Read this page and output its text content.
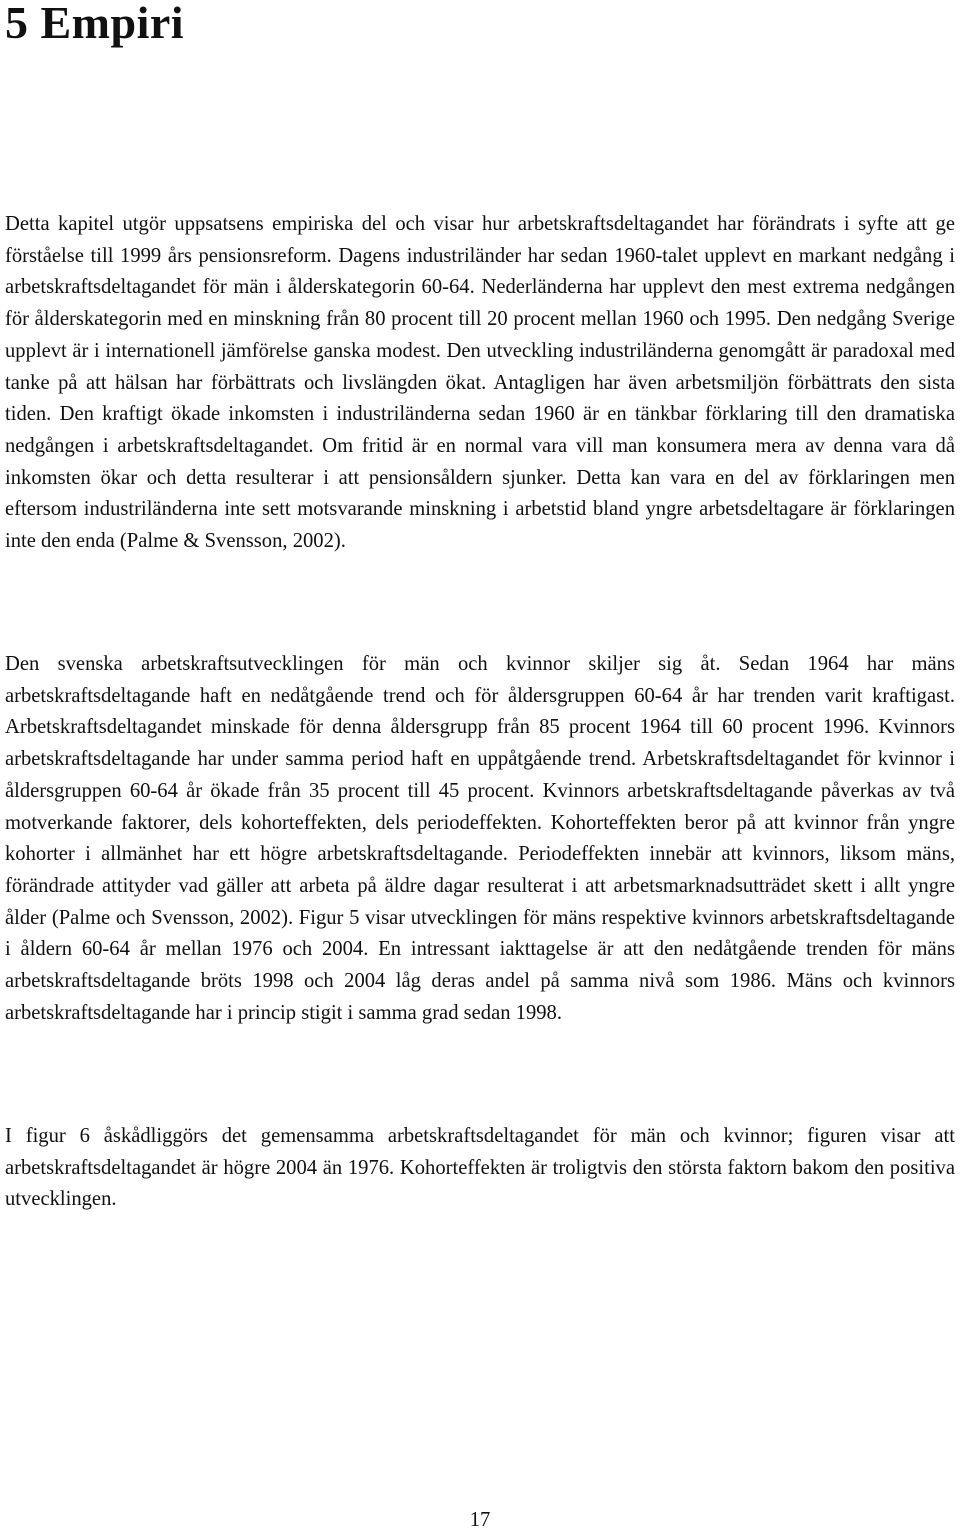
5 Empiri

Detta kapitel utgör uppsatsens empiriska del och visar hur arbetskraftsdeltagandet har förändrats i syfte att ge förståelse till 1999 års pensionsreform. Dagens industriländer har sedan 1960-talet upplevt en markant nedgång i arbetskraftsdeltagandet för män i ålderskategorin 60-64. Nederländerna har upplevt den mest extrema nedgången för ålderskategorin med en minskning från 80 procent till 20 procent mellan 1960 och 1995. Den nedgång Sverige upplevt är i internationell jämförelse ganska modest. Den utveckling industriländerna genomgått är paradoxal med tanke på att hälsan har förbättrats och livslängden ökat. Antagligen har även arbetsmiljön förbättrats den sista tiden. Den kraftigt ökade inkomsten i industriländerna sedan 1960 är en tänkbar förklaring till den dramatiska nedgången i arbetskraftsdeltagandet. Om fritid är en normal vara vill man konsumera mera av denna vara då inkomsten ökar och detta resulterar i att pensionsåldern sjunker. Detta kan vara en del av förklaringen men eftersom industriländerna inte sett motsvarande minskning i arbetstid bland yngre arbetsdeltagare är förklaringen inte den enda (Palme & Svensson, 2002).

Den svenska arbetskraftsutvecklingen för män och kvinnor skiljer sig åt. Sedan 1964 har mäns arbetskraftsdeltagande haft en nedåtgående trend och för åldersgruppen 60-64 år har trenden varit kraftigast. Arbetskraftsdeltagandet minskade för denna åldersgrupp från 85 procent 1964 till 60 procent 1996. Kvinnors arbetskraftsdeltagande har under samma period haft en uppåtgående trend. Arbetskraftsdeltagandet för kvinnor i åldersgruppen 60-64 år ökade från 35 procent till 45 procent. Kvinnors arbetskraftsdeltagande påverkas av två motverkande faktorer, dels kohorteffekten, dels periodeffekten. Kohorteffekten beror på att kvinnor från yngre kohorter i allmänhet har ett högre arbetskraftsdeltagande. Periodeffekten innebär att kvinnors, liksom mäns, förändrade attityder vad gäller att arbeta på äldre dagar resulterat i att arbetsmarknadsutträdet skett i allt yngre ålder (Palme och Svensson, 2002). Figur 5 visar utvecklingen för mäns respektive kvinnors arbetskraftsdeltagande i åldern 60-64 år mellan 1976 och 2004. En intressant iakttagelse är att den nedåtgående trenden för mäns arbetskraftsdeltagande bröts 1998 och 2004 låg deras andel på samma nivå som 1986. Mäns och kvinnors arbetskraftsdeltagande har i princip stigit i samma grad sedan 1998.

I figur 6 åskådliggörs det gemensamma arbetskraftsdeltagandet för män och kvinnor; figuren visar att arbetskraftsdeltagandet är högre 2004 än 1976. Kohorteffekten är troligtvis den största faktorn bakom den positiva utvecklingen.

17
